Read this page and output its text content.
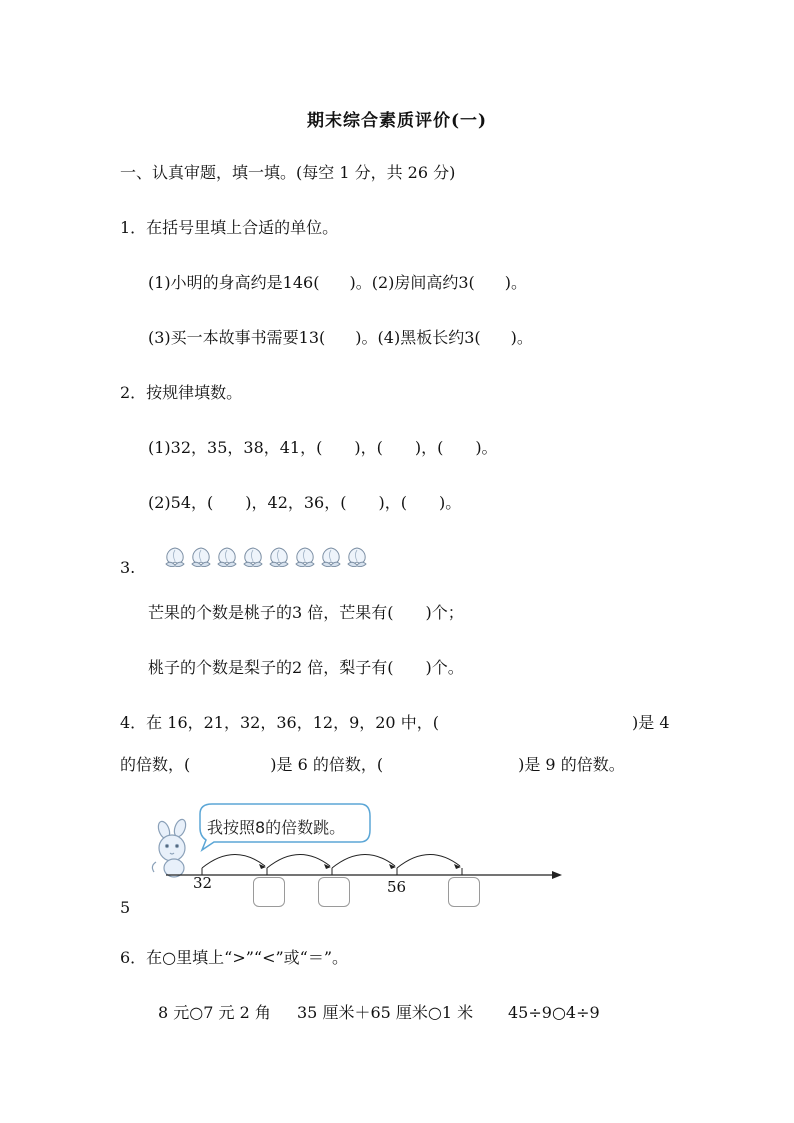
期末综合素质评价(一)
一、认真审题，填一填。(每空 1 分，共 26 分)
1．在括号里填上合适的单位。
(1)小明的身高约是146( )。(2)房间高约3( )。
(3)买一本故事书需要13( )。(4)黑板长约3( )。
2．按规律填数。
(1)32，35，38，41，(　　)，(　　)，(　　)。
(2)54，(　　)，42，36，(　　)，(　　)。
3.
芒果的个数是桃子的3 倍，芒果有(　　)个；
桃子的个数是梨子的2 倍，梨子有(　　)个。
4．在 16，21，32，36，12，9，20 中，(	)是 4
的倍数，(	)是 6 的倍数，(	)是 9 的倍数。
我按照8的倍数跳。
32	56
5
6．在○里填上“>”“<”或“＝”。
8 元○7 元 2 角 35 厘米＋65 厘米○1 米 45÷9○4÷9
